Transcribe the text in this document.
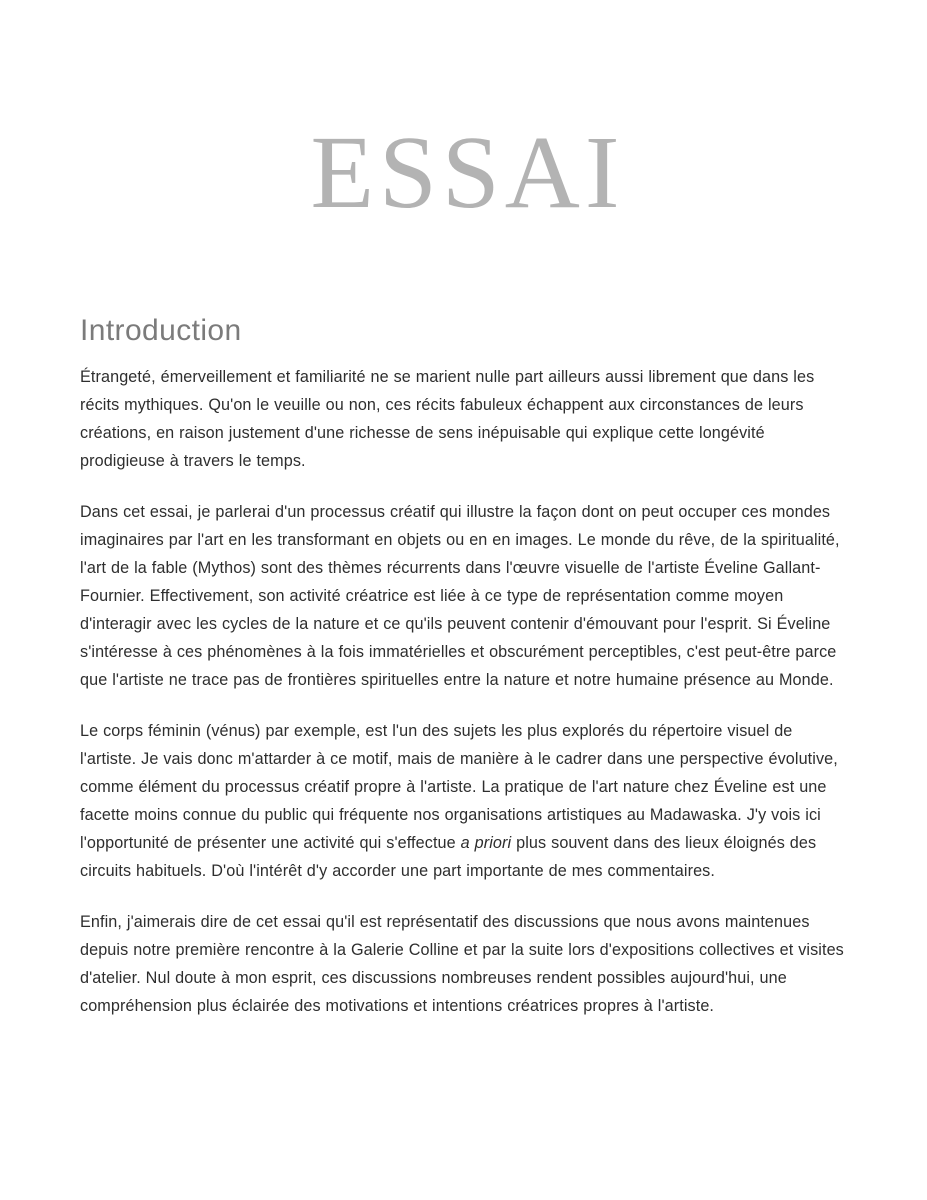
ESSAI
Introduction

Étrangeté, émerveillement et familiarité ne se marient nulle part ailleurs aussi librement que dans les récits mythiques. Qu'on le veuille ou non, ces récits fabuleux échappent aux circonstances de leurs créations, en raison justement d'une richesse de sens inépuisable qui explique cette longévité prodigieuse à travers le temps.

Dans cet essai, je parlerai d'un processus créatif qui illustre la façon dont on peut occuper ces mondes imaginaires par l'art en les transformant en objets ou en en images. Le monde du rêve, de la spiritualité, l'art de la fable (Mythos) sont des thèmes récurrents dans l'œuvre visuelle de l'artiste Éveline Gallant-Fournier. Effectivement, son activité créatrice est liée à ce type de représentation comme moyen d'interagir avec les cycles de la nature et ce qu'ils peuvent contenir d'émouvant pour l'esprit. Si Éveline s'intéresse à ces phénomènes à la fois immatérielles et obscurément perceptibles, c'est peut-être parce que l'artiste ne trace pas de frontières spirituelles entre la nature et notre humaine présence au Monde.

Le corps féminin (vénus) par exemple, est l'un des sujets les plus explorés du répertoire visuel de l'artiste. Je vais donc m'attarder à ce motif, mais de manière à le cadrer dans une perspective évolutive, comme élément du processus créatif propre à l'artiste. La pratique de l'art nature chez Éveline est une facette moins connue du public qui fréquente nos organisations artistiques au Madawaska. J'y vois ici l'opportunité de présenter une activité qui s'effectue a priori plus souvent dans des lieux éloignés des circuits habituels. D'où l'intérêt d'y accorder une part importante de mes commentaires.

Enfin, j'aimerais dire de cet essai qu'il est représentatif des discussions que nous avons maintenues depuis notre première rencontre à la Galerie Colline et par la suite lors d'expositions collectives et visites d'atelier. Nul doute à mon esprit, ces discussions nombreuses rendent possibles aujourd'hui, une compréhension plus éclairée des motivations et intentions créatrices propres à l'artiste.
